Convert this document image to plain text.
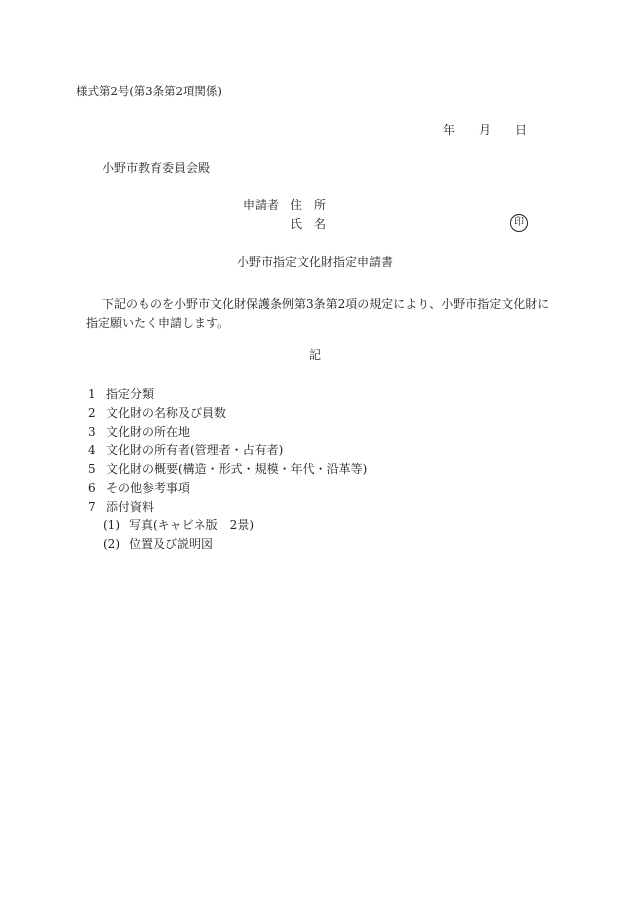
様式第2号(第3条第2項関係)
年 月 日
小野市教育委員会殿
申請者 住　所
氏　名	印
小野市指定文化財指定申請書
下記のものを小野市文化財保護条例第3条第2項の規定により、小野市指定文化財に指定願いたく申請します。
記
1 指定分類
2 文化財の名称及び員数
3 文化財の所在地
4 文化財の所有者(管理者・占有者)
5 文化財の概要(構造・形式・規模・年代・沿革等)
6 その他参考事項
7 添付資料
(1) 写真(キャビネ版　2景)
(2) 位置及び説明図
